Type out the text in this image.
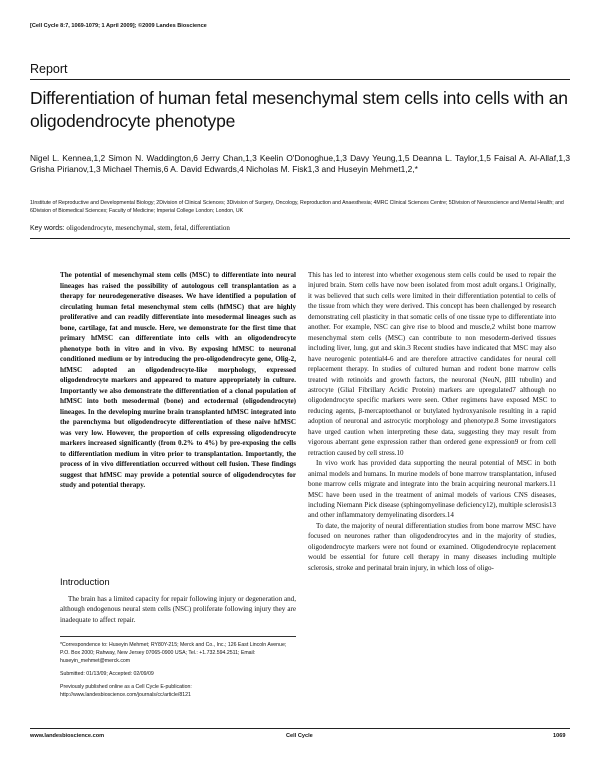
[Cell Cycle 8:7, 1069-1079; 1 April 2009]; ©2009 Landes Bioscience
Report
Differentiation of human fetal mesenchymal stem cells into cells with an oligodendrocyte phenotype
Nigel L. Kennea,1,2 Simon N. Waddington,6 Jerry Chan,1,3 Keelin O'Donoghue,1,3 Davy Yeung,1,5 Deanna L. Taylor,1,5 Faisal A. Al-Allaf,1,3 Grisha Pirianov,1,3 Michael Themis,6 A. David Edwards,4 Nicholas M. Fisk1,3 and Huseyin Mehmet1,2,*
1Institute of Reproductive and Developmental Biology; 2Division of Clinical Sciences; 3Division of Surgery, Oncology, Reproduction and Anaesthesia; 4MRC Clinical Sciences Centre; 5Division of Neuroscience and Mental Health; and 6Division of Biomedical Sciences; Faculty of Medicine; Imperial College London; London, UK
Key words: oligodendrocyte, mesenchymal, stem, fetal, differentiation
The potential of mesenchymal stem cells (MSC) to differentiate into neural lineages has raised the possibility of autologous cell transplantation as a therapy for neurodegenerative diseases. We have identified a population of circulating human fetal mesenchymal stem cells (hfMSC) that are highly proliferative and can readily differentiate into mesodermal lineages such as bone, cartilage, fat and muscle. Here, we demonstrate for the first time that primary hfMSC can differentiate into cells with an oligodendrocyte phenotype both in vitro and in vivo. By exposing hfMSC to neuronal conditioned medium or by introducing the pro-oligodendrocyte gene, Olig-2, hfMSC adopted an oligodendrocyte-like morphology, expressed oligodendrocyte markers and appeared to mature appropriately in culture. Importantly we also demonstrate the differentiation of a clonal population of hfMSC into both mesodermal (bone) and ectodermal (oligodendrocyte) lineages. In the developing murine brain transplanted hfMSC integrated into the parenchyma but oligodendrocyte differentiation of these naïve hfMSC was very low. However, the proportion of cells expressing oligodendrocyte markers increased significantly (from 0.2% to 4%) by pre-exposing the cells to differentiation medium in vitro prior to transplantation. Importantly, the process of in vivo differentiation occurred without cell fusion. These findings suggest that hfMSC may provide a potential source of oligodendrocytes for study and potential therapy.
Introduction
The brain has a limited capacity for repair following injury or degeneration and, although endogenous neural stem cells (NSC) proliferate following injury they are inadequate to affect repair.
*Correspondence to: Huseyin Mehmet; RY80Y-215; Merck and Co., Inc.; 126 East Lincoln Avenue; P.O. Box 2000; Rahway, New Jersey 07065-0900 USA; Tel.: +1.732.594.2511; Email: huseyin_mehmet@merck.com
Submitted: 01/13/09; Accepted: 02/09/09
Previously published online as a Cell Cycle E-publication: http://www.landesbioscience.com/journals/cc/article/8121

This has led to interest into whether exogenous stem cells could be used to repair the injured brain. Stem cells have now been isolated from most adult organs.1 Originally, it was believed that such cells were limited in their differentiation potential to cells of the tissue from which they were derived. This concept has been challenged by research demonstrating cell plasticity in that somatic cells of one tissue type to differentiate into another. For example, NSC can give rise to blood and muscle,2 whilst bone marrow mesenchymal stem cells (MSC) can contribute to non mesoderm-derived tissues including liver, lung, gut and skin.3 Recent studies have indicated that MSC may also have neurogenic potential4-6 and are therefore attractive candidates for neural cell replacement therapy. In studies of cultured human and rodent bone marrow cells treated with retinoids and growth factors, the neuronal (NeuN, βIII tubulin) and astrocyte (Glial Fibrillary Acidic Protein) markers are upregulated7 although no oligodendrocyte specific markers were seen. Other regimens have exposed MSC to reducing agents, β-mercaptoethanol or butylated hydroxyanisole resulting in a rapid adoption of neuronal and astrocytic morphology and phenotype.8 Some investigators have urged caution when interpreting these data, suggesting they may result from vigorous aberrant gene expression rather than ordered gene expression9 or from cell retraction caused by cell stress.10

In vivo work has provided data supporting the neural potential of MSC in both animal models and humans. In murine models of bone marrow transplantation, infused bone marrow cells migrate and integrate into the brain acquiring neuronal markers.11 MSC have been used in the treatment of animal models of various CNS diseases, including Niemann Pick disease (sphingomyelinase deficiency12), multiple sclerosis13 and other inflammatory demyelinating disorders.14

To date, the majority of neural differentiation studies from bone marrow MSC have focused on neurones rather than oligodendrocytes and in the majority of studies, oligodendrocyte markers were not found or examined. Oligodendrocyte replacement would be essential for future cell therapy in many diseases including multiple sclerosis, stroke and perinatal brain injury, in which loss of oligo-

www.landesbioscience.com	Cell Cycle	1069
